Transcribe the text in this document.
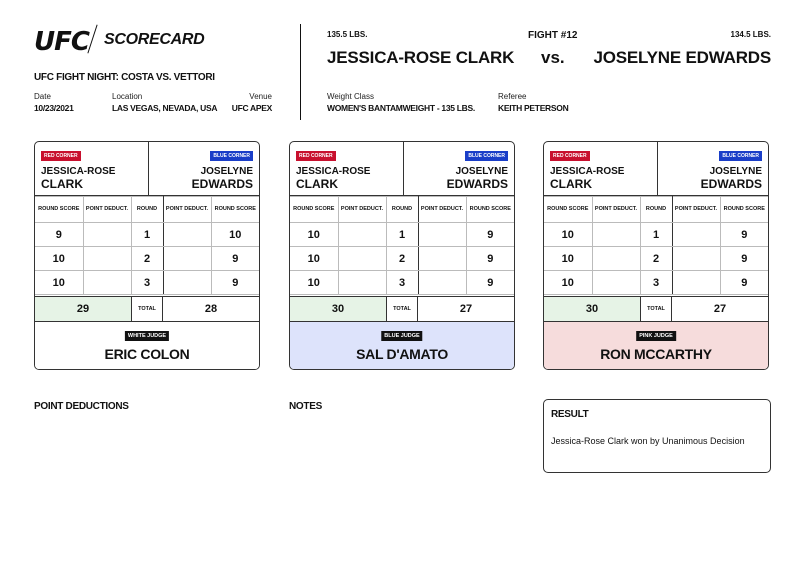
UFC SCORECARD
UFC FIGHT NIGHT: COSTA VS. VETTORI
Date
10/23/2021
Location
LAS VEGAS, NEVADA, USA
Venue
UFC APEX
135.5 LBS.
JESSICA-ROSE CLARK
FIGHT #12
vs.
134.5 LBS.
JOSELYNE EDWARDS
Weight Class
WOMEN'S BANTAMWEIGHT - 135 LBS.
Referee
KEITH PETERSON
RED CORNER
JESSICA-ROSE
CLARK
BLUE CORNER
JOSELYNE
EDWARDS
ROUND SCORE	POINT DEDUCT.	ROUND	POINT DEDUCT.	ROUND SCORE
9		1		10
10		2		9
10		3		9
29	TOTAL	28
WHITE JUDGE
ERIC COLON
RED CORNER
JESSICA-ROSE
CLARK
BLUE CORNER
JOSELYNE
EDWARDS
ROUND SCORE	POINT DEDUCT.	ROUND	POINT DEDUCT.	ROUND SCORE
10		1		9
10		2		9
10		3		9
30	TOTAL	27
BLUE JUDGE
SAL D'AMATO
RED CORNER
JESSICA-ROSE
CLARK
BLUE CORNER
JOSELYNE
EDWARDS
ROUND SCORE	POINT DEDUCT.	ROUND	POINT DEDUCT.	ROUND SCORE
10		1		9
10		2		9
10		3		9
30	TOTAL	27
PINK JUDGE
RON MCCARTHY
POINT DEDUCTIONS	NOTES
RESULT
Jessica-Rose Clark won by Unanimous Decision
